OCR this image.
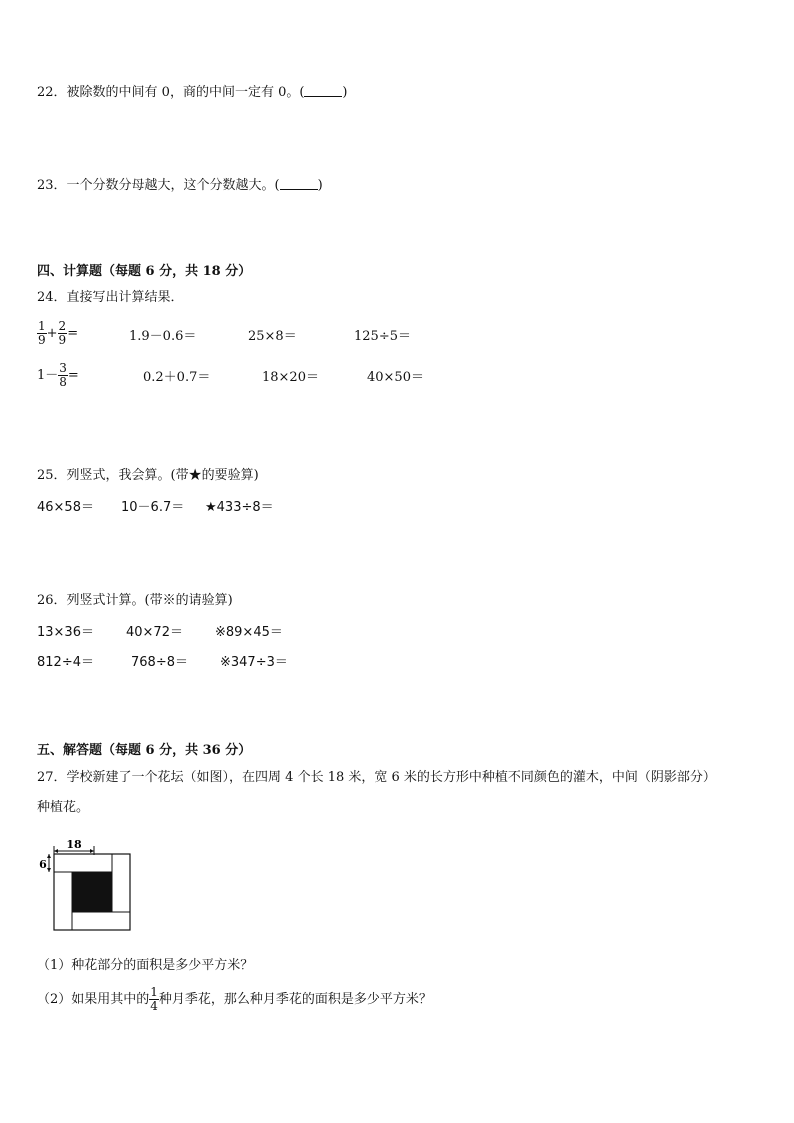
22．被除数的中间有 0，商的中间一定有 0。(	)
23．一个分数分母越大，这个分数越大。(	)
四、计算题（每题 6 分，共 18 分）
24．直接写出计算结果．
$\frac{1}{9} + \frac{2}{9}$ =	1.9－0.6＝	25×8＝	125÷5＝
$1- \frac{3}{8}$ =	0.2＋0.7＝	18×20＝	40×50＝
25．列竖式，我会算。(带★的要验算)
46×58＝ 10－6.7＝ ★433÷8＝
26．列竖式计算。(带※的请验算)
13×36＝ 40×72＝ ※89×45＝
812÷4＝	768÷8＝ ※347÷3＝
五、解答题（每题 6 分，共 36 分）
27．学校新建了一个花坛（如图），在四周 4 个长 18 米，宽 6 米的长方形中种植不同颜色的灌木，中间（阴影部分）
种植花。
18
6
（1）种花部分的面积是多少平方米？
（2）如果用其中的 $\frac{1}{4}$ 种月季花，那么种月季花的面积是多少平方米？
